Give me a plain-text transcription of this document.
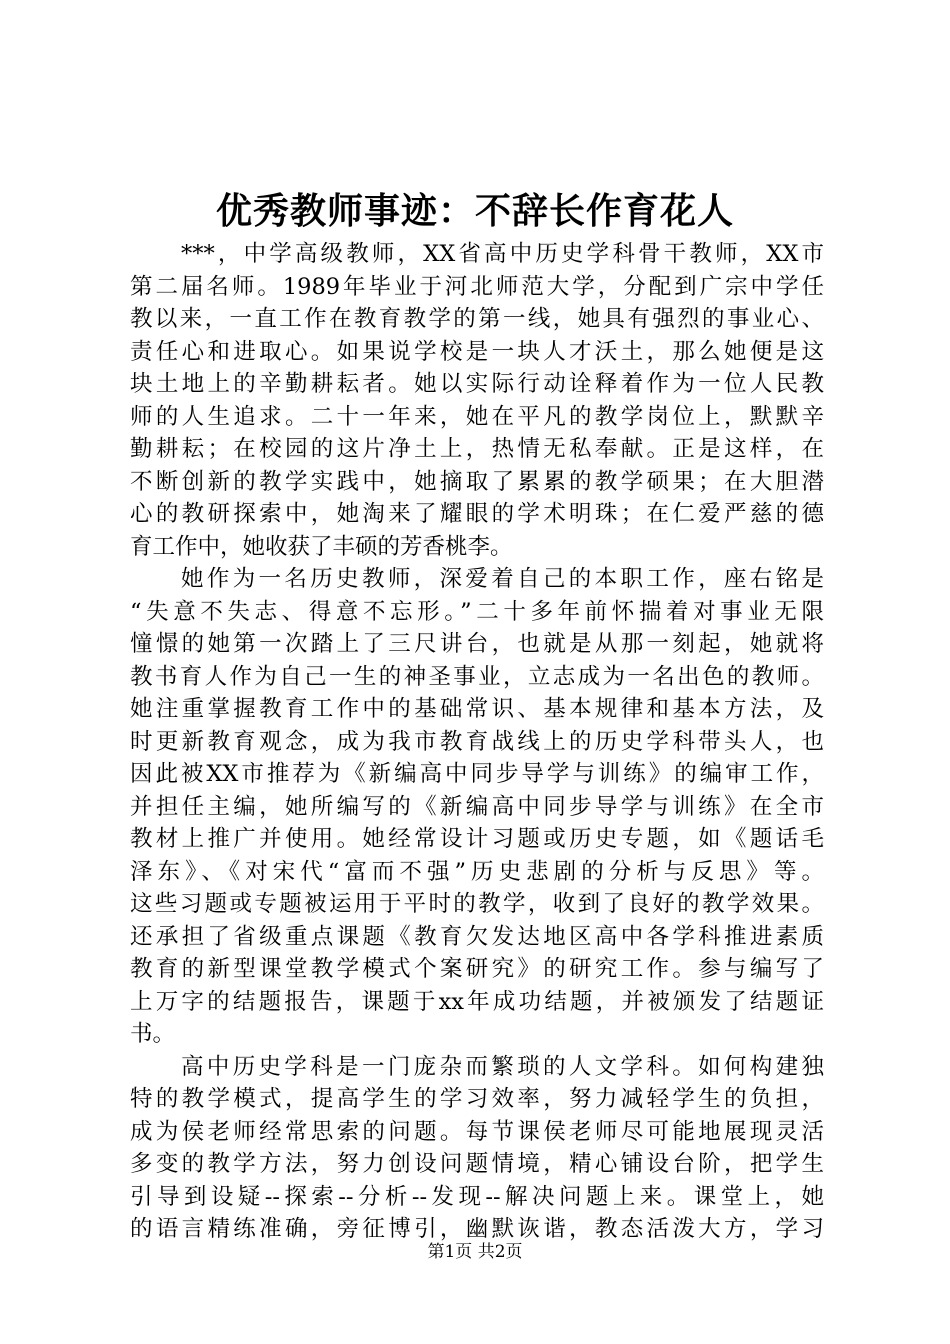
优秀教师事迹：不辞长作育花人
***，中学高级教师，XX省高中历史学科骨干教师，XX市
第二届名师。1989年毕业于河北师范大学，分配到广宗中学任
教以来，一直工作在教育教学的第一线，她具有强烈的事业心、
责任心和进取心。如果说学校是一块人才沃土，那么她便是这
块土地上的辛勤耕耘者。她以实际行动诠释着作为一位人民教
师的人生追求。二十一年来，她在平凡的教学岗位上，默默辛
勤耕耘；在校园的这片净土上，热情无私奉献。正是这样，在
不断创新的教学实践中，她摘取了累累的教学硕果；在大胆潜
心的教研探索中，她淘来了耀眼的学术明珠；在仁爱严慈的德
育工作中，她收获了丰硕的芳香桃李。
她作为一名历史教师，深爱着自己的本职工作，座右铭是
“失意不失志、得意不忘形。”二十多年前怀揣着对事业无限
憧憬的她第一次踏上了三尺讲台，也就是从那一刻起，她就将
教书育人作为自己一生的神圣事业，立志成为一名出色的教师。
她注重掌握教育工作中的基础常识、基本规律和基本方法，及
时更新教育观念，成为我市教育战线上的历史学科带头人，也
因此被XX市推荐为《新编高中同步导学与训练》的编审工作，
并担任主编，她所编写的《新编高中同步导学与训练》在全市
教材上推广并使用。她经常设计习题或历史专题，如《题话毛
泽东》、《对宋代“富而不强”历史悲剧的分析与反思》等。
这些习题或专题被运用于平时的教学，收到了良好的教学效果。
还承担了省级重点课题《教育欠发达地区高中各学科推进素质
教育的新型课堂教学模式个案研究》的研究工作。参与编写了
上万字的结题报告，课题于xx年成功结题，并被颁发了结题证
书。
高中历史学科是一门庞杂而繁琐的人文学科。如何构建独
特的教学模式，提高学生的学习效率，努力减轻学生的负担，
成为侯老师经常思索的问题。每节课侯老师尽可能地展现灵活
多变的教学方法，努力创设问题情境，精心铺设台阶，把学生
引导到设疑--探索--分析--发现--解决问题上来。课堂上，她
的语言精练准确，旁征博引，幽默诙谐，教态活泼大方，学习
第1页 共2页
